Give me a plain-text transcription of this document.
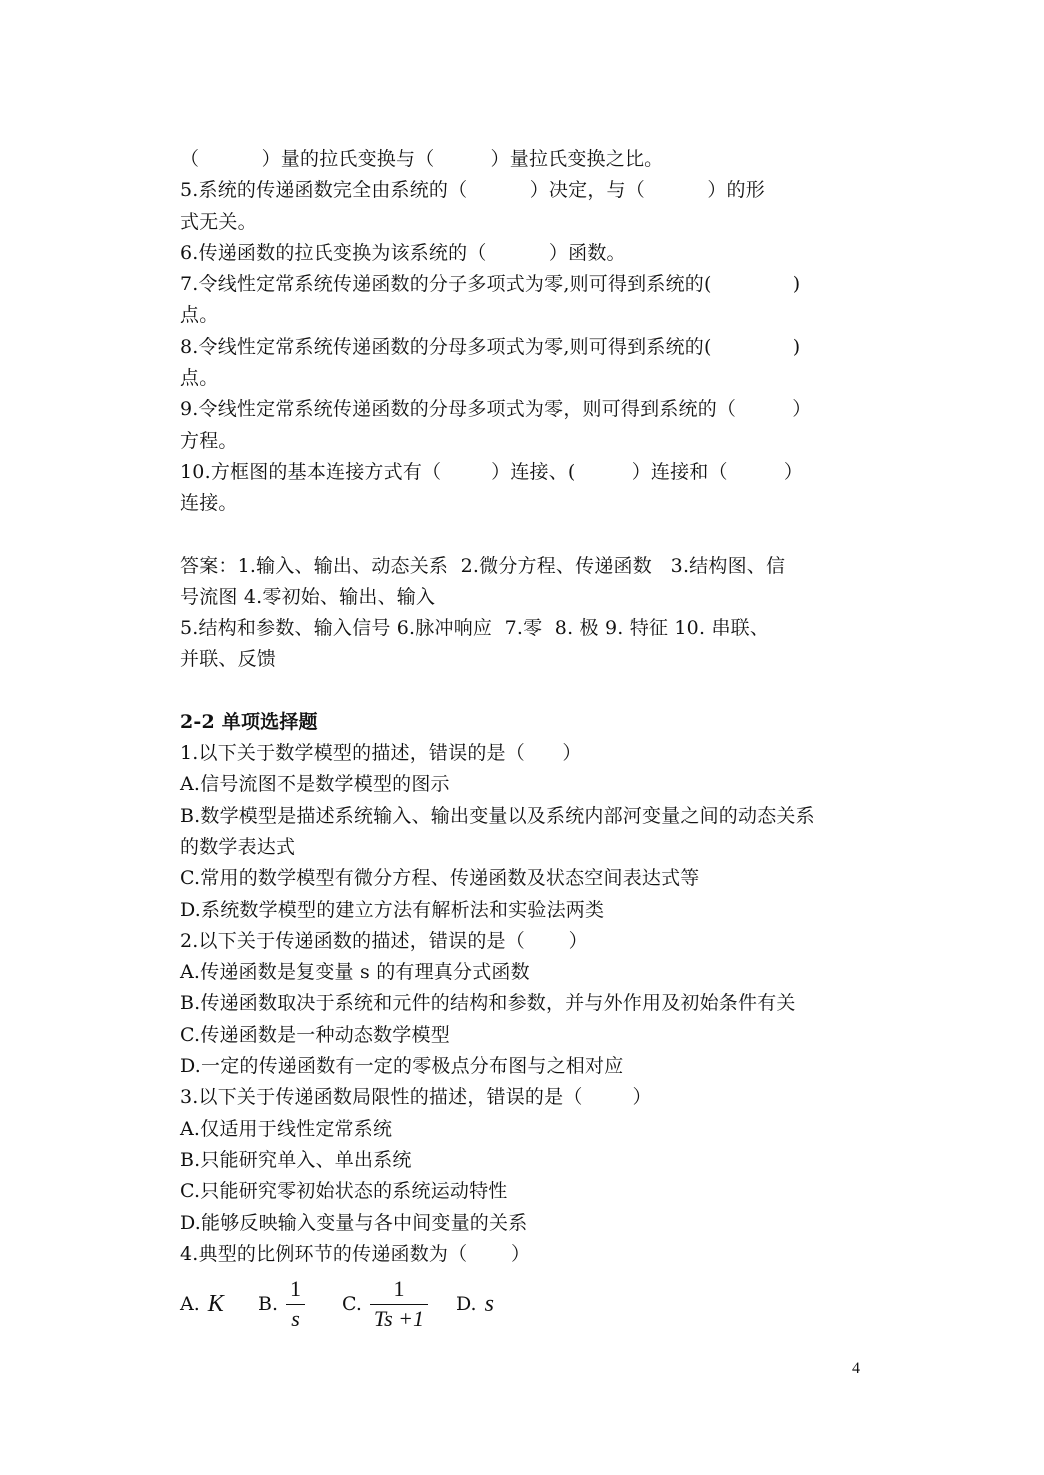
（          ）量的拉氏变换与（         ）量拉氏变换之比。
5.系统的传递函数完全由系统的（          ）决定，与（          ）的形
式无关。
6.传递函数的拉氏变换为该系统的（          ）函数。
7.令线性定常系统传递函数的分子多项式为零,则可得到系统的(             )
点。
8.令线性定常系统传递函数的分母多项式为零,则可得到系统的(             )
点。
9.令线性定常系统传递函数的分母多项式为零，则可得到系统的（         ）
方程。
10.方框图的基本连接方式有（        ）连接、(         ）连接和（         ）
连接。
答案：1.输入、输出、动态关系  2.微分方程、传递函数   3.结构图、信
号流图 4.零初始、输出、输入
5.结构和参数、输入信号 6.脉冲响应  7.零  8. 极 9. 特征 10. 串联、
并联、反馈
2-2 单项选择题
1.以下关于数学模型的描述，错误的是（      ）
A.信号流图不是数学模型的图示
B.数学模型是描述系统输入、输出变量以及系统内部河变量之间的动态关系
的数学表达式
C.常用的数学模型有微分方程、传递函数及状态空间表达式等
D.系统数学模型的建立方法有解析法和实验法两类
2.以下关于传递函数的描述，错误的是（       ）
A.传递函数是复变量 s 的有理真分式函数
B.传递函数取决于系统和元件的结构和参数，并与外作用及初始条件有关
C.传递函数是一种动态数学模型
D.一定的传递函数有一定的零极点分布图与之相对应
3.以下关于传递函数局限性的描述，错误的是（        ）
A.仅适用于线性定常系统
B.只能研究单入、单出系统
C.只能研究零初始状态的系统运动特性
D.能够反映输入变量与各中间变量的关系
4.典型的比例环节的传递函数为（       ）
A. K B. $\frac{1}{s} C$. $\frac{1}{Ts +1} D$. s
4
